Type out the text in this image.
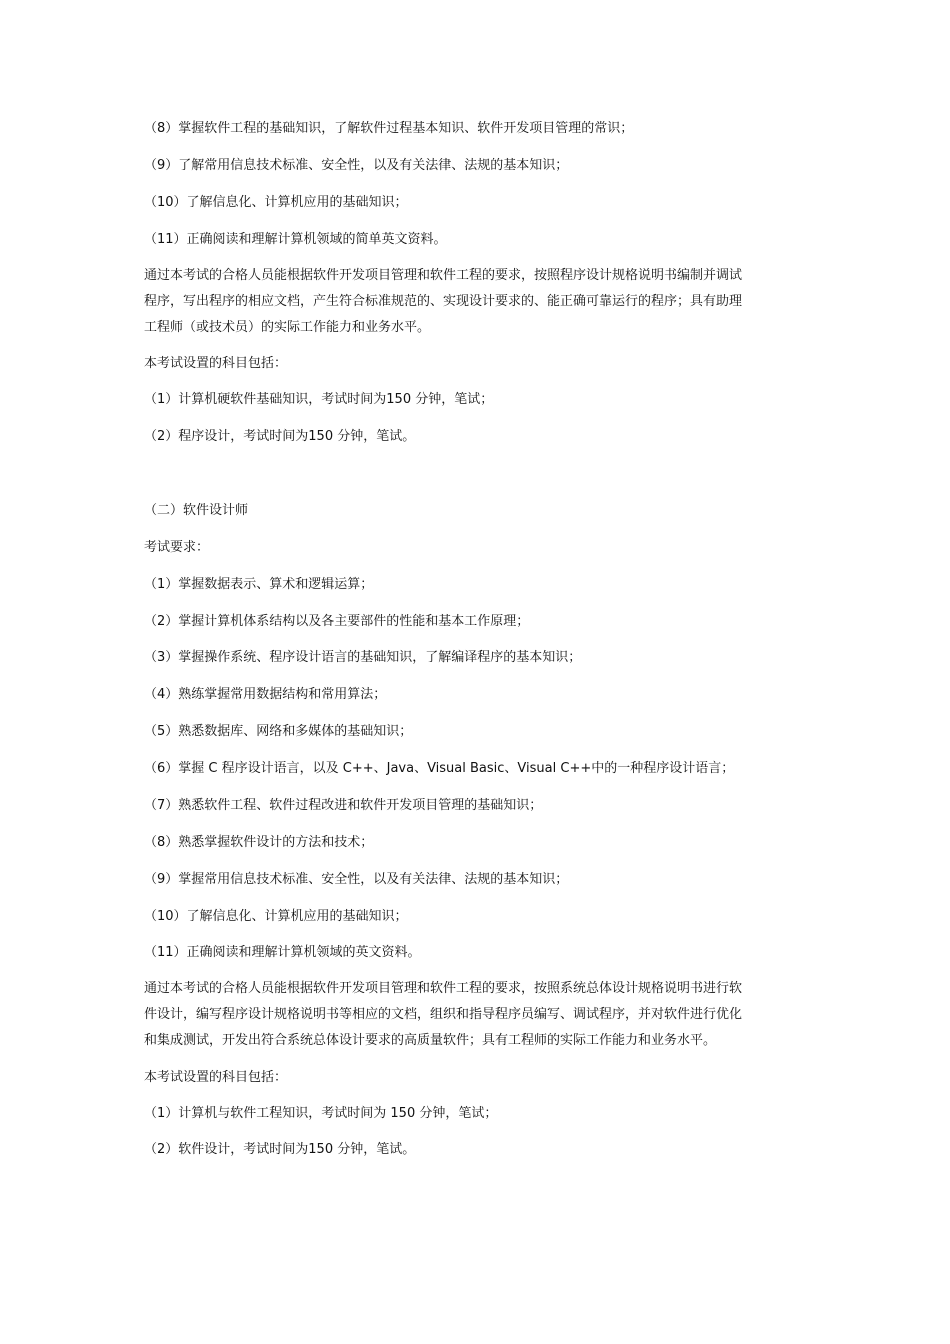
（8）掌握软件工程的基础知识，了解软件过程基本知识、软件开发项目管理的常识；
（9）了解常用信息技术标准、安全性，以及有关法律、法规的基本知识；
（10）了解信息化、计算机应用的基础知识；
（11）正确阅读和理解计算机领域的简单英文资料。
通过本考试的合格人员能根据软件开发项目管理和软件工程的要求，按照程序设计规格说明书编制并调试
程序，写出程序的相应文档，产生符合标准规范的、实现设计要求的、能正确可靠运行的程序；具有助理
工程师（或技术员）的实际工作能力和业务水平。
本考试设置的科目包括：
（1）计算机硬软件基础知识，考试时间为150 分钟，笔试；
（2）程序设计，考试时间为150 分钟，笔试。
（二）软件设计师
考试要求：
（1）掌握数据表示、算术和逻辑运算；
（2）掌握计算机体系结构以及各主要部件的性能和基本工作原理；
（3）掌握操作系统、程序设计语言的基础知识，了解编译程序的基本知识；
（4）熟练掌握常用数据结构和常用算法；
（5）熟悉数据库、网络和多媒体的基础知识；
（6）掌握 C 程序设计语言，以及 C++、Java、Visual Basic、Visual C++中的一种程序设计语言；
（7）熟悉软件工程、软件过程改进和软件开发项目管理的基础知识；
（8）熟悉掌握软件设计的方法和技术；
（9）掌握常用信息技术标准、安全性，以及有关法律、法规的基本知识；
（10）了解信息化、计算机应用的基础知识；
（11）正确阅读和理解计算机领域的英文资料。
通过本考试的合格人员能根据软件开发项目管理和软件工程的要求，按照系统总体设计规格说明书进行软
件设计，编写程序设计规格说明书等相应的文档，组织和指导程序员编写、调试程序，并对软件进行优化
和集成测试，开发出符合系统总体设计要求的高质量软件；具有工程师的实际工作能力和业务水平。
本考试设置的科目包括：
（1）计算机与软件工程知识，考试时间为 150 分钟，笔试；
（2）软件设计，考试时间为150 分钟，笔试。
